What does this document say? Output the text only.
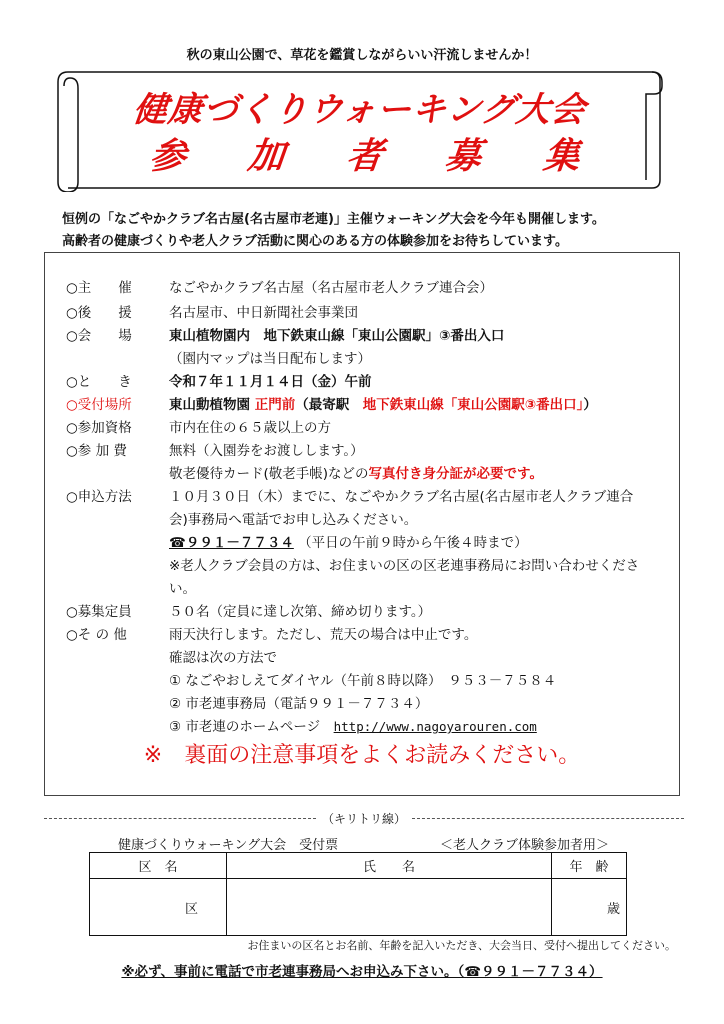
秋の東山公園で、草花を鑑賞しながらいい汗流しませんか！
健康づくりウォーキング大会
参 加 者 募 集
恒例の「なごやかクラブ名古屋(名古屋市老連)」主催ウォーキング大会を今年も開催します。
高齢者の健康づくりや老人クラブ活動に関心のある方の体験参加をお待ちしています。
○主　　催	なごやかクラブ名古屋（名古屋市老人クラブ連合会）
○後　　援	名古屋市、中日新聞社会事業団
○会　　場	東山植物園内　地下鉄東山線「東山公園駅」③番出入口
（園内マップは当日配布します）
○と　　き	令和７年１１月１４日（金）午前
○受付場所	東山動植物園 正門前（最寄駅　地下鉄東山線「東山公園駅③番出口」）
○参加資格	市内在住の６５歳以上の方
○参 加 費	無料（入園券をお渡しします。）
敬老優待カード(敬老手帳)などの写真付き身分証が必要です。
○申込方法	１０月３０日（木）までに、なごやかクラブ名古屋(名古屋市老人クラブ連合
会)事務局へ電話でお申し込みください。
☎９９１－７７３４ （平日の午前９時から午後４時まで）
※老人クラブ会員の方は、お住まいの区の区老連事務局にお問い合わせくださ
い。
○募集定員	５０名（定員に達し次第、締め切ります。）
○そ の 他	雨天決行します。ただし、荒天の場合は中止です。
確認は次の方法で
① なごやおしえてダイヤル（午前８時以降）　９５３－７５８４
② 市老連事務局（電話９９１－７７３４）
③ 市老連のホームページ　http://www.nagoyarouren.com
※　裏面の注意事項をよくお読みください。
（キリトリ線）
健康づくりウォーキング大会　受付票	＜老人クラブ体験参加者用＞
区　名	氏　　名	年　齢
区		歳
お住まいの区名とお名前、年齢を記入いただき、大会当日、受付へ提出してください。
※必ず、事前に電話で市老連事務局へお申込み下さい。（☎９９１－７７３４）
